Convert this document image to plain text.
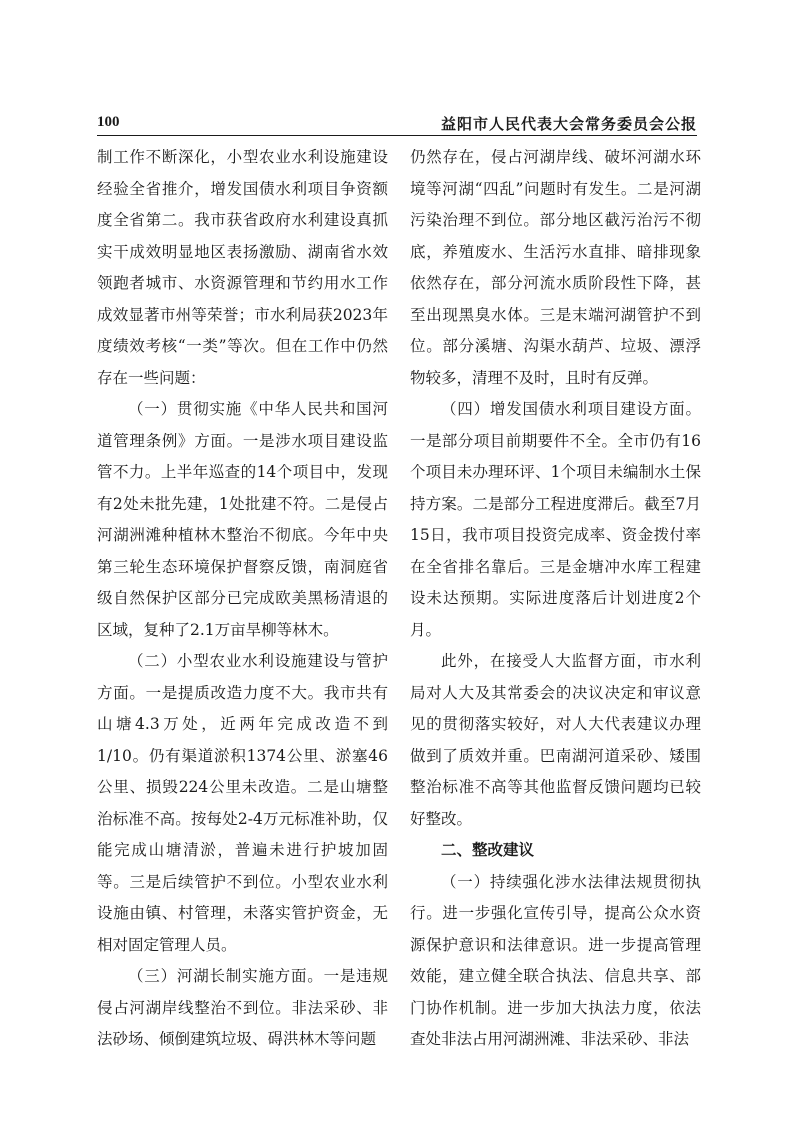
100	益阳市人民代表大会常务委员会公报

制工作不断深化，小型农业水利设施建设经验全省推介，增发国债水利项目争资额度全省第二。我市获省政府水利建设真抓实干成效明显地区表扬激励、湖南省水效领跑者城市、水资源管理和节约用水工作成效显著市州等荣誉；市水利局获2023年度绩效考核“一类”等次。但在工作中仍然存在一些问题：

（一）贯彻实施《中华人民共和国河道管理条例》方面。一是涉水项目建设监管不力。上半年巡查的14个项目中，发现有2处未批先建，1处批建不符。二是侵占河湖洲滩种植林木整治不彻底。今年中央第三轮生态环境保护督察反馈，南洞庭省级自然保护区部分已完成欧美黑杨清退的区域，复种了2.1万亩旱柳等林木。

（二）小型农业水利设施建设与管护方面。一是提质改造力度不大。我市共有山塘4.3万处，近两年完成改造不到1/10。仍有渠道淤积1374公里、淤塞46公里、损毁224公里未改造。二是山塘整治标准不高。按每处2-4万元标准补助，仅能完成山塘清淤，普遍未进行护坡加固等。三是后续管护不到位。小型农业水利设施由镇、村管理，未落实管护资金，无相对固定管理人员。

（三）河湖长制实施方面。一是违规侵占河湖岸线整治不到位。非法采砂、非法砂场、倾倒建筑垃圾、碍洪林木等问题

仍然存在，侵占河湖岸线、破坏河湖水环境等河湖“四乱”问题时有发生。二是河湖污染治理不到位。部分地区截污治污不彻底，养殖废水、生活污水直排、暗排现象依然存在，部分河流水质阶段性下降，甚至出现黑臭水体。三是末端河湖管护不到位。部分溪塘、沟渠水葫芦、垃圾、漂浮物较多，清理不及时，且时有反弹。

（四）增发国债水利项目建设方面。一是部分项目前期要件不全。全市仍有16个项目未办理环评、1个项目未编制水土保持方案。二是部分工程进度滞后。截至7月15日，我市项目投资完成率、资金拨付率在全省排名靠后。三是金塘冲水库工程建设未达预期。实际进度落后计划进度2个月。

此外，在接受人大监督方面，市水利局对人大及其常委会的决议决定和审议意见的贯彻落实较好，对人大代表建议办理做到了质效并重。巴南湖河道采砂、矮围整治标准不高等其他监督反馈问题均已较好整改。

二、整改建议

（一）持续强化涉水法律法规贯彻执行。进一步强化宣传引导，提高公众水资源保护意识和法律意识。进一步提高管理效能，建立健全联合执法、信息共享、部门协作机制。进一步加大执法力度，依法查处非法占用河湖洲滩、非法采砂、非法
